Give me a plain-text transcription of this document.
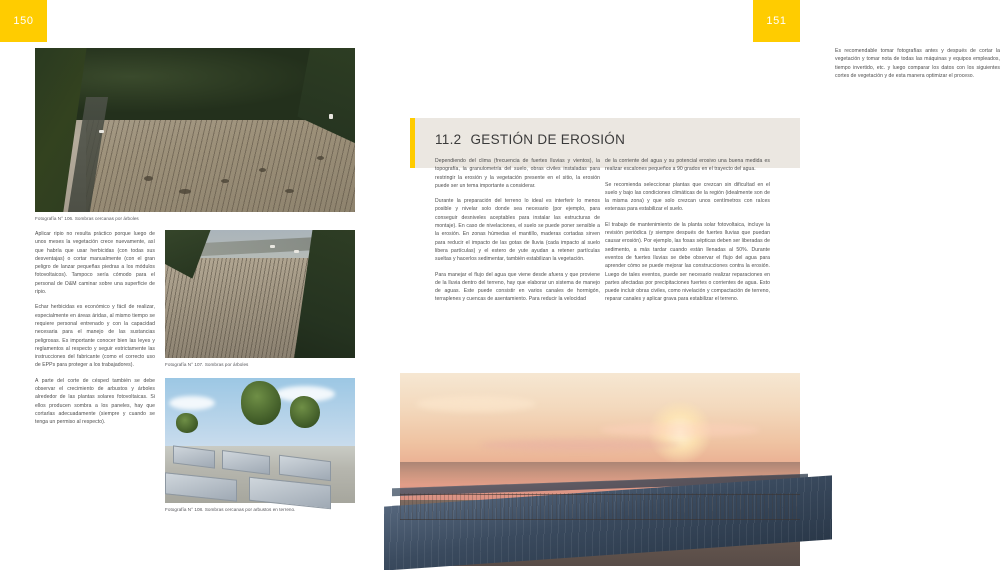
150
Fotografía N° 106. Sombras cercanas por árboles

Aplicar ripio no resulta práctico porque luego de unos meses la vegetación crece nuevamente, así que habría que usar herbicidas (con todas sus desventajas) o cortar manualmente (con el gran peligro de lanzar pequeñas piedras a los módulos fotovoltaicos). Tampoco sería cómodo para el personal de O&M caminar sobre una superficie de ripio.

Echar herbicidas es económico y fácil de realizar, especialmente en áreas áridas, al mismo tiempo se requiere personal entrenado y con la capacidad necesaria para el manejo de las sustancias peligrosas. Es importante conocer bien las leyes y reglamentos al respecto y seguir estrictamente las instrucciones del fabricante (como el correcto uso de EPPs para proteger a los trabajadores).

A parte del corte de césped también se debe observar el crecimiento de arbustos y árboles alrededor de las plantas solares fotovoltaicas. Si ellos producen sombra a los paneles, hay que cortarlas adecuadamente (siempre y cuando se tenga un permiso al respecto).

Fotografía N° 107. Sombras por árboles
Fotografía N° 108. Sombras cercanas por arbustos en terreno.
151

Es recomendable tomar fotografías antes y después de cortar la vegetación y tomar nota de todas las máquinas y equipos empleados, tiempo invertido, etc. y luego comparar los datos con los siguientes cortes de vegetación y de esta manera optimizar el proceso.

11.2 GESTIÓN DE EROSIÓN

Dependiendo del clima (frecuencia de fuertes lluvias y vientos), la topografía, la granulometría del suelo, obras civiles instaladas para restringir la erosión y la vegetación presente en el sitio, la erosión puede ser un tema importante a considerar.

Durante la preparación del terreno lo ideal es interferir lo menos posible y nivelar solo donde sea necesario (por ejemplo, para conseguir desniveles aceptables para instalar las estructuras de montaje). En caso de nivelaciones, el suelo se puede poner sensible a la erosión. En zonas húmedas el mantillo, maderas cortadas sirven para reducir el impacto de las gotas de lluvia (cada impacto al suelo libera partículas) y el estero de yute ayudan a retener partículas sueltas y hacerlos sedimentar, también estabilizan la vegetación.

Para manejar el flujo del agua que viene desde afuera y que proviene de la lluvia dentro del terreno, hay que elaborar un sistema de manejo de aguas. Este puede consistir en varios canales de hormigón, terraplenes y cuencas de asentamiento. Para reducir la velocidad

de la corriente del agua y su potencial erosivo una buena medida es realizar escalones pequeños a 90 grados en el trayecto del agua.

Se recomienda seleccionar plantas que crezcan sin dificultad en el suelo y bajo las condiciones climáticas de la región (idealmente son de la misma zona) y que solo crezcan unos centímetros con raíces extensas para estabilizar el suelo.

El trabajo de mantenimiento de la planta solar fotovoltaica, incluye la revisión periódica (y siempre después de fuertes lluvias que puedan causar erosión). Por ejemplo, las fosas sépticas deben ser liberadas de sedimento, a más tardar cuando están llenadas al 50%. Durante eventos de fuertes lluvias se debe observar el flujo del agua para aprender cómo se puede mejorar las construcciones contra la erosión. Luego de tales eventos, puede ser necesario realizar reparaciones en partes afectadas por precipitaciones fuertes o corrientes de agua. Esto puede incluir obras civiles, como nivelación y compactación de terreno, reparar canales y aplicar grava para estabilizar el terreno.
